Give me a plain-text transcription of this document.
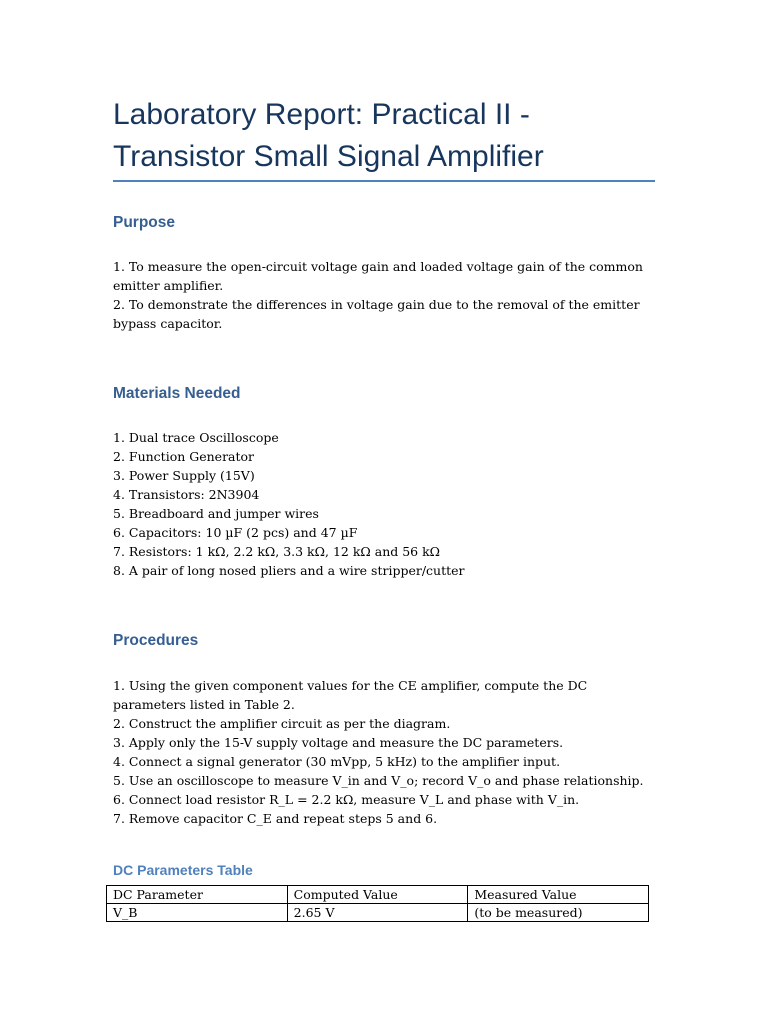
Laboratory Report: Practical II - Transistor Small Signal Amplifier
Purpose
1. To measure the open-circuit voltage gain and loaded voltage gain of the common emitter amplifier.
2. To demonstrate the differences in voltage gain due to the removal of the emitter bypass capacitor.
Materials Needed
1. Dual trace Oscilloscope
2. Function Generator
3. Power Supply (15V)
4. Transistors: 2N3904
5. Breadboard and jumper wires
6. Capacitors: 10 µF (2 pcs) and 47 µF
7. Resistors: 1 kΩ, 2.2 kΩ, 3.3 kΩ, 12 kΩ and 56 kΩ
8. A pair of long nosed pliers and a wire stripper/cutter
Procedures
1. Using the given component values for the CE amplifier, compute the DC parameters listed in Table 2.
2. Construct the amplifier circuit as per the diagram.
3. Apply only the 15-V supply voltage and measure the DC parameters.
4. Connect a signal generator (30 mVpp, 5 kHz) to the amplifier input.
5. Use an oscilloscope to measure V_in and V_o; record V_o and phase relationship.
6. Connect load resistor R_L = 2.2 kΩ, measure V_L and phase with V_in.
7. Remove capacitor C_E and repeat steps 5 and 6.
DC Parameters Table
DC Parameter	Computed Value	Measured Value
V_B	2.65 V	(to be measured)
